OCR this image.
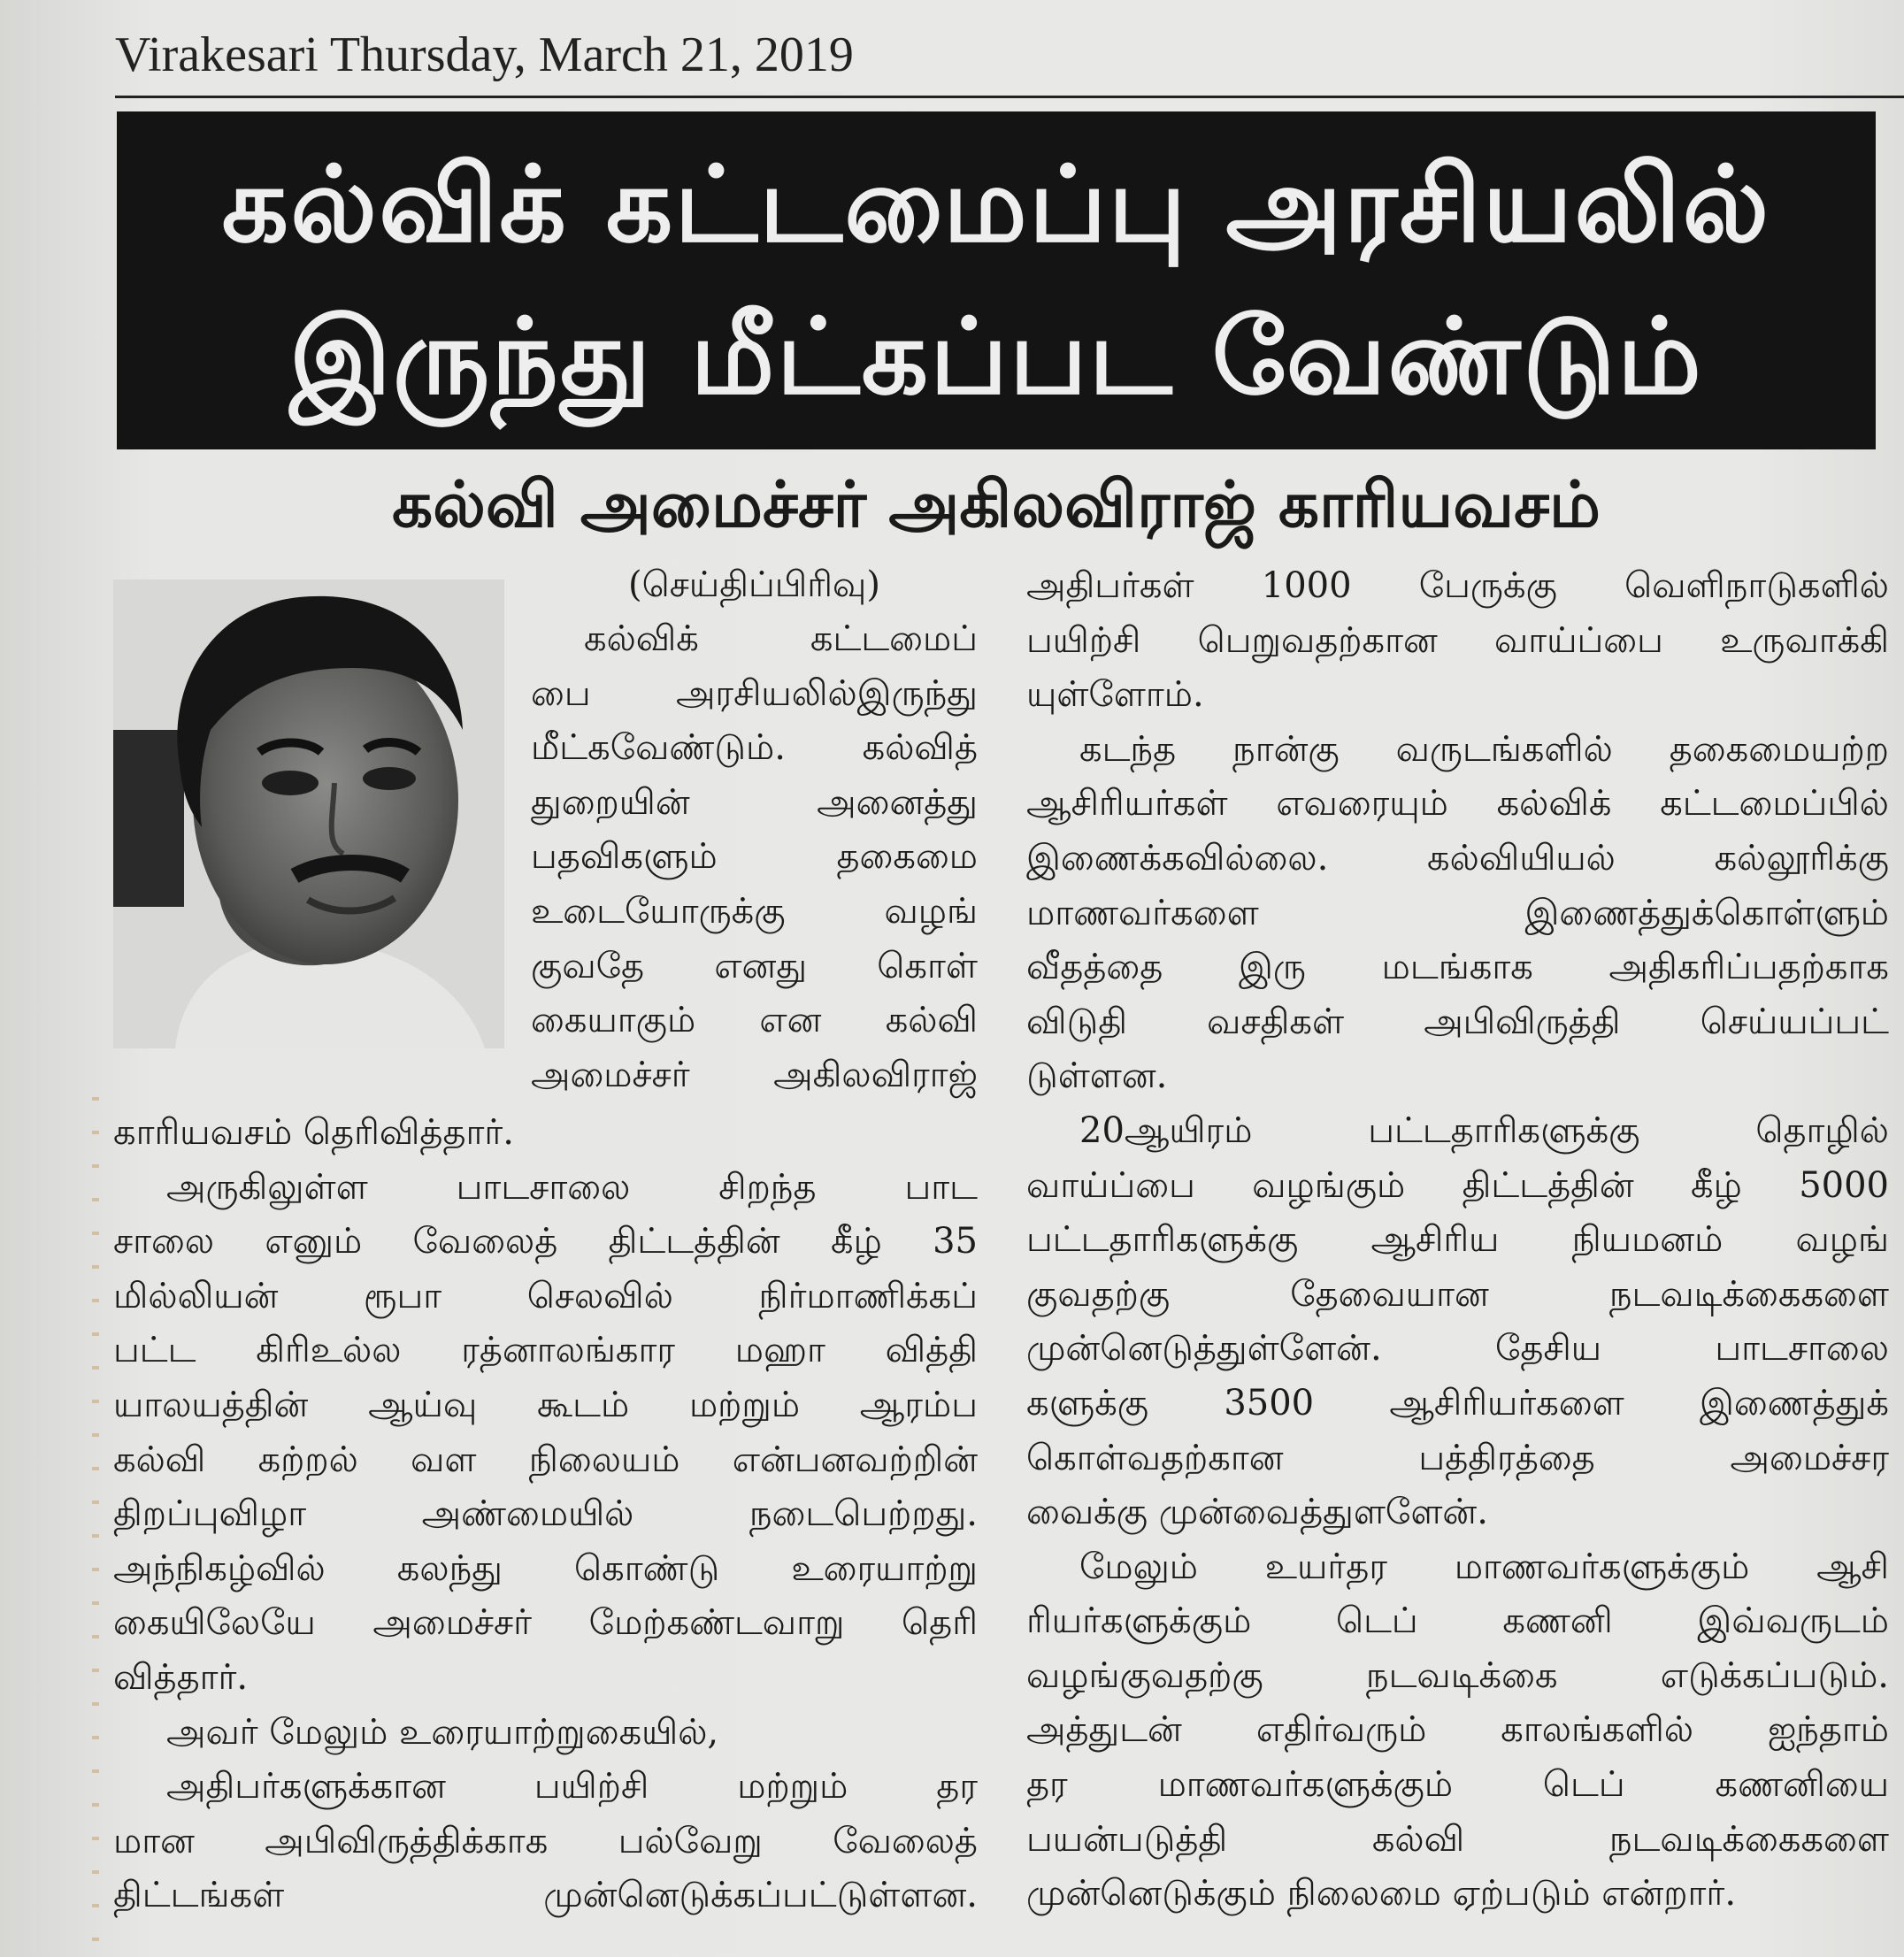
Virakesari Thursday, March 21, 2019
கல்விக் கட்டமைப்பு அரசியலில்
இருந்து மீட்கப்பட வேண்டும்
கல்வி அமைச்சர் அகிலவிராஜ் காரியவசம்
(செய்திப்பிரிவு)
கல்விக் கட்டமைப்
பை அரசியலில்இருந்து
மீட்கவேண்டும். கல்வித்
துறையின் அனைத்து
பதவிகளும் தகைமை
உடையோருக்கு வழங்
குவதே எனது கொள்
கையாகும் என கல்வி
அமைச்சர் அகிலவிராஜ்
காரியவசம் தெரிவித்தார்.
அருகிலுள்ள பாடசாலை சிறந்த பாட
சாலை எனும் வேலைத் திட்டத்தின் கீழ் 35
மில்லியன் ரூபா செலவில் நிர்மாணிக்கப்
பட்ட கிரிஉல்ல ரத்னாலங்கார மஹா வித்தி
யாலயத்தின் ஆய்வு கூடம் மற்றும் ஆரம்ப
கல்வி கற்றல் வள நிலையம் என்பனவற்றின்
திறப்புவிழா அண்மையில் நடைபெற்றது.
அந்நிகழ்வில் கலந்து கொண்டு உரையாற்று
கையிலேயே அமைச்சர் மேற்கண்டவாறு தெரி
வித்தார்.
அவர் மேலும் உரையாற்றுகையில்,
அதிபர்களுக்கான பயிற்சி மற்றும் தர
மான அபிவிருத்திக்காக பல்வேறு வேலைத்
திட்டங்கள் முன்னெடுக்கப்பட்டுள்ளன.
அதிபர்கள் 1000 பேருக்கு வெளிநாடுகளில்
பயிற்சி பெறுவதற்கான வாய்ப்பை உருவாக்கி
யுள்ளோம்.
கடந்த நான்கு வருடங்களில் தகைமையற்ற
ஆசிரியர்கள் எவரையும் கல்விக் கட்டமைப்பில்
இணைக்கவில்லை. கல்வியியல் கல்லூரிக்கு
மாணவர்களை இணைத்துக்கொள்ளும்
வீதத்தை இரு மடங்காக அதிகரிப்பதற்காக
விடுதி வசதிகள் அபிவிருத்தி செய்யப்பட்
டுள்ளன.
20ஆயிரம் பட்டதாரிகளுக்கு தொழில்
வாய்ப்பை வழங்கும் திட்டத்தின் கீழ் 5000
பட்டதாரிகளுக்கு ஆசிரிய நியமனம் வழங்
குவதற்கு தேவையான நடவடிக்கைகளை
முன்னெடுத்துள்ளேன். தேசிய பாடசாலை
களுக்கு 3500 ஆசிரியர்களை இணைத்துக்
கொள்வதற்கான பத்திரத்தை அமைச்சர
வைக்கு முன்வைத்துளளேன்.
மேலும் உயர்தர மாணவர்களுக்கும் ஆசி
ரியர்களுக்கும் டெப் கணனி இவ்வருடம்
வழங்குவதற்கு நடவடிக்கை எடுக்கப்படும்.
அத்துடன் எதிர்வரும் காலங்களில் ஐந்தாம்
தர மாணவர்களுக்கும் டெப் கணனியை
பயன்படுத்தி கல்வி நடவடிக்கைகளை
முன்னெடுக்கும் நிலைமை ஏற்படும் என்றார்.
